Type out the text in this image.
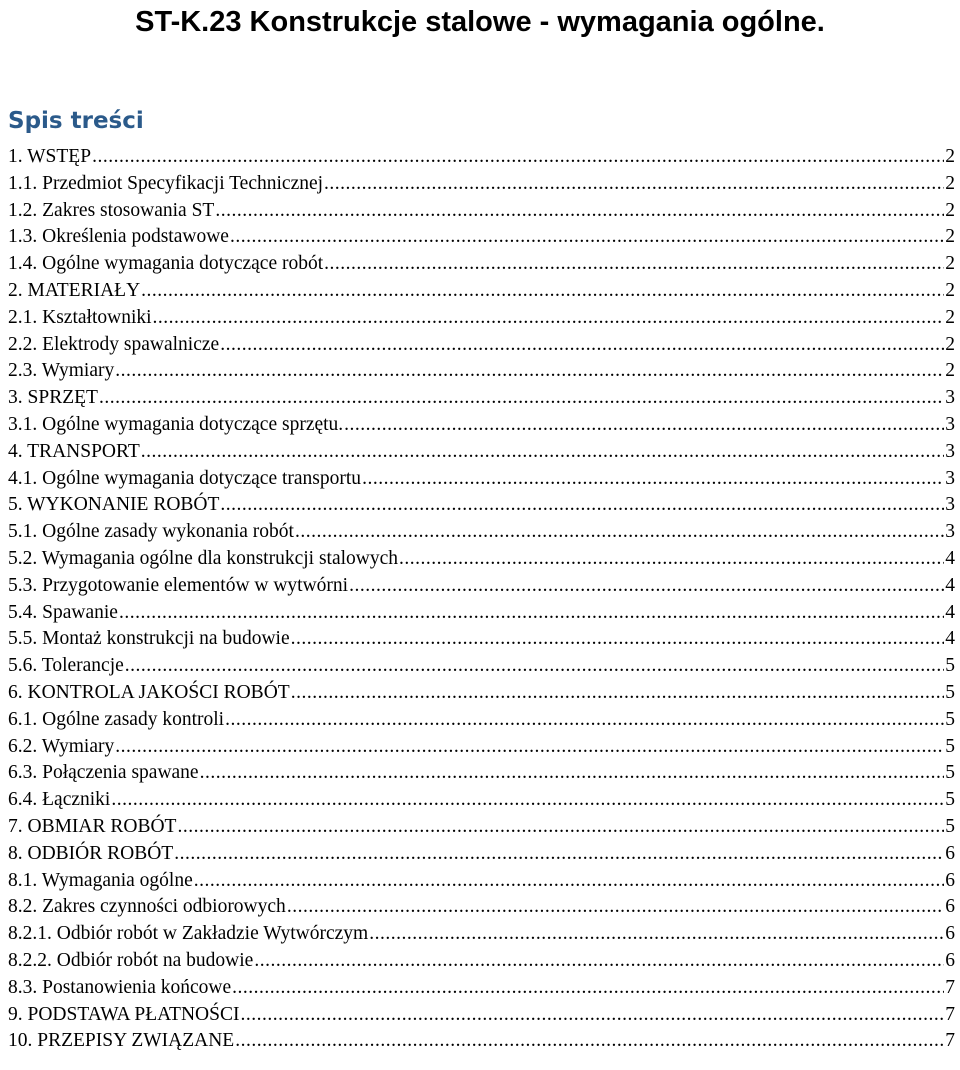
ST-K.23 Konstrukcje stalowe - wymagania ogólne.
Spis treści
1. WSTĘP .....	2
1.1. Przedmiot Specyfikacji Technicznej .....	2
1.2. Zakres stosowania ST .....	2
1.3. Określenia podstawowe .....	2
1.4. Ogólne wymagania dotyczące robót .....	2
2. MATERIAŁY .....	2
2.1. Kształtowniki .....	2
2.2. Elektrody spawalnicze .....	2
2.3. Wymiary .....	2
3. SPRZĘT .....	3
3.1. Ogólne wymagania dotyczące sprzętu. .....	3
4. TRANSPORT .....	3
4.1. Ogólne wymagania dotyczące transportu .....	3
5. WYKONANIE ROBÓT .....	3
5.1. Ogólne zasady wykonania robót .....	3
5.2. Wymagania ogólne dla konstrukcji stalowych .....	4
5.3. Przygotowanie elementów w wytwórni .....	4
5.4. Spawanie .....	4
5.5. Montaż konstrukcji na budowie .....	4
5.6. Tolerancje .....	5
6. KONTROLA JAKOŚCI ROBÓT .....	5
6.1. Ogólne zasady kontroli .....	5
6.2. Wymiary .....	5
6.3. Połączenia spawane .....	5
6.4. Łączniki .....	5
7. OBMIAR ROBÓT .....	5
8. ODBIÓR ROBÓT .....	6
8.1. Wymagania ogólne .....	6
8.2. Zakres czynności odbiorowych .....	6
8.2.1. Odbiór robót w Zakładzie Wytwórczym .....	6
8.2.2. Odbiór robót na budowie .....	6
8.3. Postanowienia końcowe .....	7
9. PODSTAWA PŁATNOŚCI .....	7
10. PRZEPISY ZWIĄZANE .....	7
